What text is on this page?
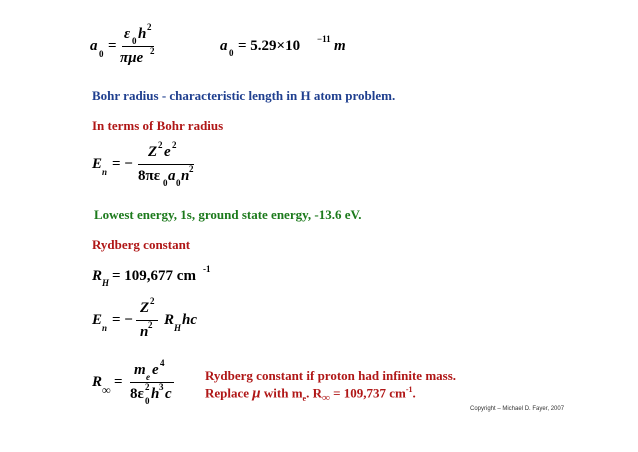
a 0 =
ε 0 h 2
πμe 2	a 0 = 5.29×10 −11 m
Bohr radius - characteristic length in H atom problem.
In terms of Bohr radius
E n = −
Z 2 e 2
8πε 0 a 0 n 2
Lowest energy, 1s, ground state energy, -13.6 eV.
Rydberg constant
R H = 109,677 cm -1
E n = −
Z 2
n 2 R H hc
R ∞ =
m e e 4
8ε 0
2 h 3 c
Rydberg constant if proton had infinite mass.
Replace μ with $m_e$. $R_\infty = 109,737$ $cm^{-1}$.
Copyright – Michael D. Fayer, 2007
